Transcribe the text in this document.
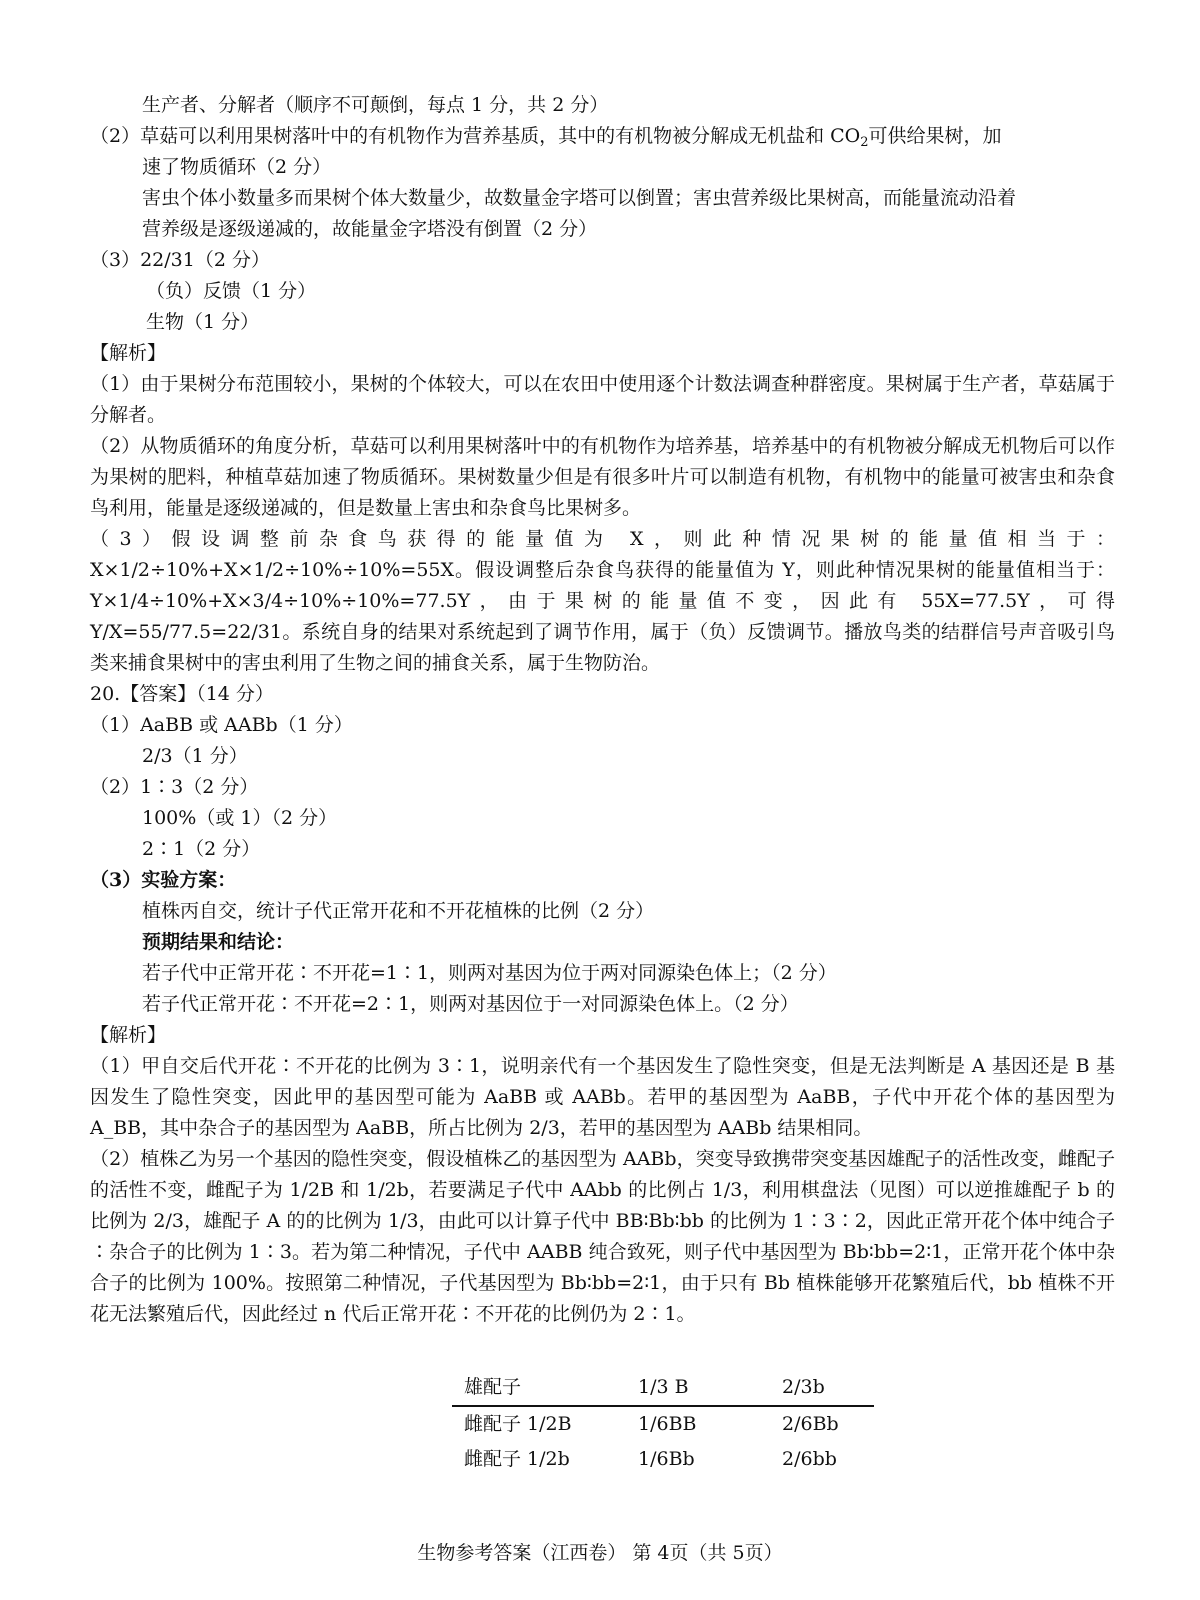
生产者、分解者（顺序不可颠倒，每点 1 分，共 2 分）
（2）草菇可以利用果树落叶中的有机物作为营养基质，其中的有机物被分解成无机盐和 $CO_2$可供给果树，加
速了物质循环（2 分）
害虫个体小数量多而果树个体大数量少，故数量金字塔可以倒置；害虫营养级比果树高，而能量流动沿着
营养级是逐级递减的，故能量金字塔没有倒置（2 分）
（3）22/31（2 分）
（负）反馈（1 分）
生物（1 分）
【解析】
（1）由于果树分布范围较小，果树的个体较大，可以在农田中使用逐个计数法调查种群密度。果树属于生产者，草菇属于分解者。
（2）从物质循环的角度分析，草菇可以利用果树落叶中的有机物作为培养基，培养基中的有机物被分解成无机物后可以作为果树的肥料，种植草菇加速了物质循环。果树数量少但是有很多叶片可以制造有机物，有机物中的能量可被害虫和杂食鸟利用，能量是逐级递减的，但是数量上害虫和杂食鸟比果树多。
（3）假设调整前杂食鸟获得的能量值为 X，则此种情况果树的能量值相当于：X×1/2÷10%+X×1/2÷10%÷10%=55X。假设调整后杂食鸟获得的能量值为 Y，则此种情况果树的能量值相当于：Y×1/4÷10%+X×3/4÷10%÷10%=77.5Y，由于果树的能量值不变，因此有 55X=77.5Y，可得 Y/X=55/77.5=22/31。系统自身的结果对系统起到了调节作用，属于（负）反馈调节。播放鸟类的结群信号声音吸引鸟类来捕食果树中的害虫利用了生物之间的捕食关系，属于生物防治。
20.【答案】（14 分）
（1）AaBB 或 AABb（1 分）
2/3（1 分）
（2）1∶3（2 分）
100%（或 1）（2 分）
2∶1（2 分）
（3）实验方案：
植株丙自交，统计子代正常开花和不开花植株的比例（2 分）
预期结果和结论：
若子代中正常开花∶不开花=1∶1，则两对基因为位于两对同源染色体上；（2 分）
若子代正常开花∶不开花=2∶1，则两对基因位于一对同源染色体上。（2 分）
【解析】
（1）甲自交后代开花∶不开花的比例为 3∶1，说明亲代有一个基因发生了隐性突变，但是无法判断是 A 基因还是 B 基因发生了隐性突变，因此甲的基因型可能为 AaBB 或 AABb。若甲的基因型为 AaBB，子代中开花个体的基因型为 A_BB，其中杂合子的基因型为 AaBB，所占比例为 2/3，若甲的基因型为 AABb 结果相同。
（2）植株乙为另一个基因的隐性突变，假设植株乙的基因型为 AABb，突变导致携带突变基因雄配子的活性改变，雌配子的活性不变，雌配子为 1/2B 和 1/2b，若要满足子代中 AAbb 的比例占 1/3，利用棋盘法（见图）可以逆推雄配子 b 的比例为 2/3，雄配子 A 的的比例为 1/3，由此可以计算子代中 BB∶Bb∶bb 的比例为 1∶3∶2，因此正常开花个体中纯合子∶杂合子的比例为 1∶3。若为第二种情况，子代中 AABB 纯合致死，则子代中基因型为 Bb∶bb=2∶1，正常开花个体中杂合子的比例为 100%。按照第二种情况，子代基因型为 Bb∶bb=2∶1，由于只有 Bb 植株能够开花繁殖后代，bb 植株不开花无法繁殖后代，因此经过 n 代后正常开花∶不开花的比例仍为 2∶1。
雄配子	1/3 B	2/3b
雌配子 1/2B	1/6BB	2/6Bb
雌配子 1/2b	1/6Bb	2/6bb
生物参考答案（江西卷） 第 4页（共 5页）
